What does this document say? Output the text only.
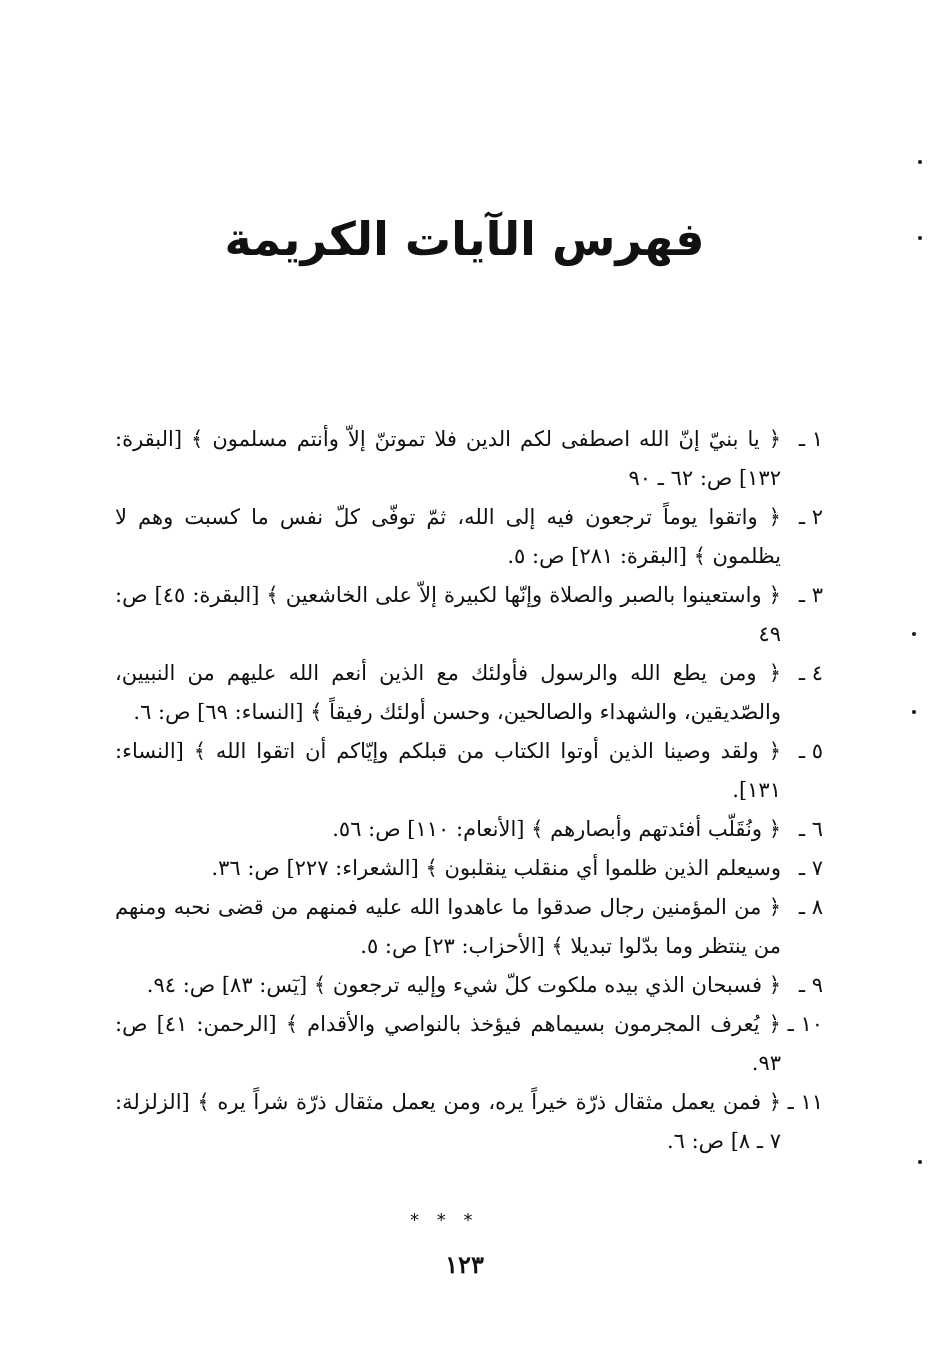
فهرس الآيات الكريمة
١ ـ
﴿ يا بنيّ إنّ الله اصطفى لكم الدين فلا تموتنّ إلاّ وأنتم مسلمون ﴾ [البقرة: ١٣٢] ص: ٦٢ ـ ٩٠
٢ ـ
﴿ واتقوا يوماً ترجعون فيه إلى الله، ثمّ توفّى كلّ نفس ما كسبت وهم لا يظلمون ﴾ [البقرة: ٢٨١] ص: ٥.
٣ ـ
﴿ واستعينوا بالصبر والصلاة وإنّها لكبيرة إلاّ على الخاشعين ﴾ [البقرة: ٤٥] ص: ٤٩
٤ ـ
﴿ ومن يطع الله والرسول فأولئك مع الذين أنعم الله عليهم من النبيين، والصّديقين، والشهداء والصالحين، وحسن أولئك رفيقاً ﴾ [النساء: ٦٩] ص: ٦.
٥ ـ
﴿ ولقد وصينا الذين أوتوا الكتاب من قبلكم وإيّاكم أن اتقوا الله ﴾ [النساء: ١٣١].
٦ ـ
﴿ ونُقَلّب أفئدتهم وأبصارهم ﴾ [الأنعام: ١١٠] ص: ٥٦.
٧ ـ
وسيعلم الذين ظلموا أي منقلب ينقلبون ﴾ [الشعراء: ٢٢٧] ص: ٣٦.
٨ ـ
﴿ من المؤمنين رجال صدقوا ما عاهدوا الله عليه فمنهم من قضى نحبه ومنهم من ينتظر وما بدّلوا تبديلا ﴾ [الأحزاب: ٢٣] ص: ٥.
٩ ـ
﴿ فسبحان الذي بيده ملكوت كلّ شيء وإليه ترجعون ﴾ [يٓس: ٨٣] ص: ٩٤.
١٠ ـ
﴿ يُعرف المجرمون بسيماهم فيؤخذ بالنواصي والأقدام ﴾ [الرحمن: ٤١] ص: ٩٣.
١١ ـ
﴿ فمن يعمل مثقال ذرّة خيراً يره، ومن يعمل مثقال ذرّة شراً يره ﴾ [الزلزلة: ٧ ـ ٨] ص: ٦.
* * *
١٢٣
